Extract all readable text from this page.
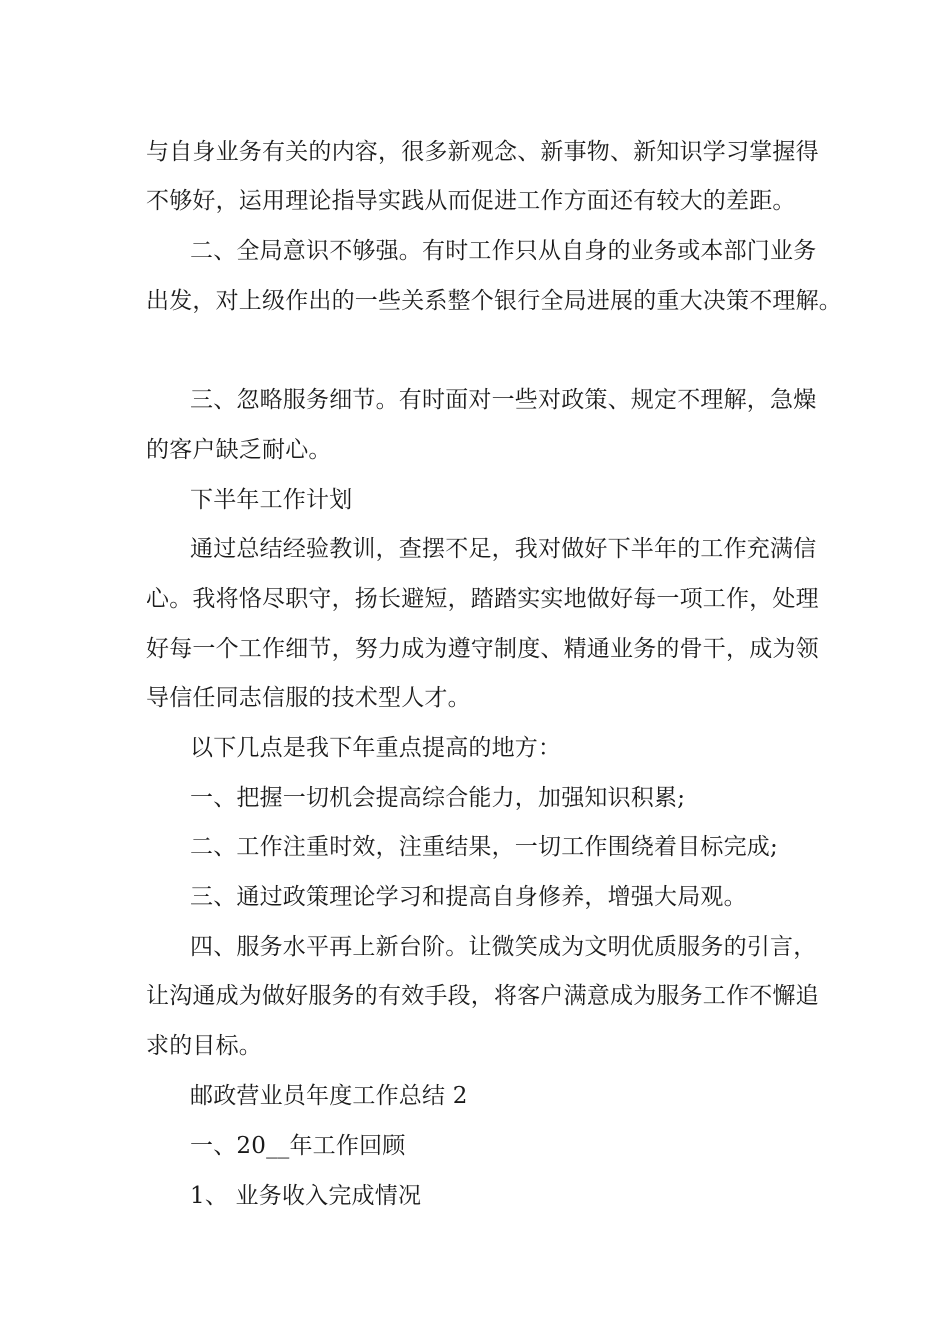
与自身业务有关的内容，很多新观念、新事物、新知识学习掌握得
不够好，运用理论指导实践从而促进工作方面还有较大的差距。
二、全局意识不够强。有时工作只从自身的业务或本部门业务
出发，对上级作出的一些关系整个银行全局进展的重大决策不理解。
三、忽略服务细节。有时面对一些对政策、规定不理解，急燥
的客户缺乏耐心。
下半年工作计划
通过总结经验教训，查摆不足，我对做好下半年的工作充满信
心。我将恪尽职守，扬长避短，踏踏实实地做好每一项工作，处理
好每一个工作细节，努力成为遵守制度、精通业务的骨干，成为领
导信任同志信服的技术型人才。
以下几点是我下年重点提高的地方：
一、把握一切机会提高综合能力，加强知识积累;
二、工作注重时效，注重结果，一切工作围绕着目标完成;
三、通过政策理论学习和提高自身修养，增强大局观。
四、服务水平再上新台阶。让微笑成为文明优质服务的引言，
让沟通成为做好服务的有效手段，将客户满意成为服务工作不懈追
求的目标。
邮政营业员年度工作总结 2
一、20__年工作回顾
1、 业务收入完成情况
